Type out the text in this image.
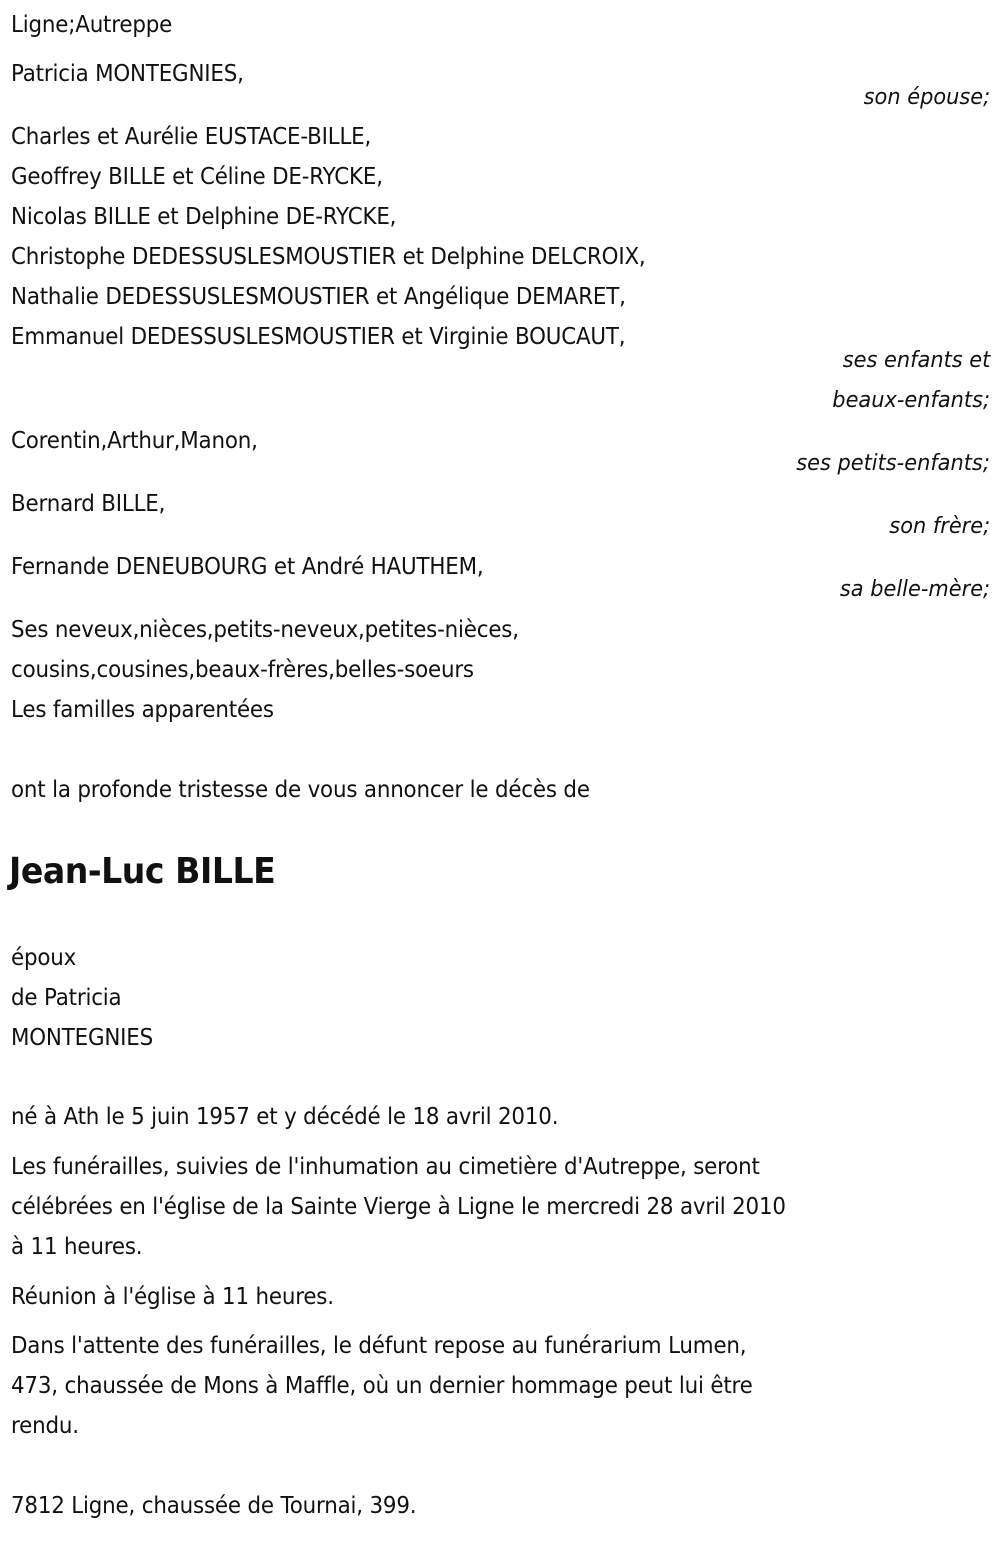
Ligne;Autreppe
Patricia MONTEGNIES,
son épouse;
Charles et Aurélie EUSTACE-BILLE,
Geoffrey BILLE et Céline DE-RYCKE,
Nicolas BILLE et Delphine DE-RYCKE,
Christophe DEDESSUSLESMOUSTIER et Delphine DELCROIX,
Nathalie DEDESSUSLESMOUSTIER et Angélique DEMARET,
Emmanuel DEDESSUSLESMOUSTIER et Virginie BOUCAUT,
ses enfants et
beaux-enfants;
Corentin,Arthur,Manon,
ses petits-enfants;
Bernard BILLE,
son frère;
Fernande DENEUBOURG et André HAUTHEM,
sa belle-mère;
Ses neveux,nièces,petits-neveux,petites-nièces,
cousins,cousines,beaux-frères,belles-soeurs
Les familles apparentées
ont la profonde tristesse de vous annoncer le décès de
Jean-Luc BILLE
époux
de Patricia
MONTEGNIES
né à Ath le 5 juin 1957 et y décédé le 18 avril 2010.
Les funérailles, suivies de l'inhumation au cimetière d'Autreppe, seront
célébrées en l'église de la Sainte Vierge à Ligne le mercredi 28 avril 2010
à 11 heures.
Réunion à l'église à 11 heures.
Dans l'attente des funérailles, le défunt repose au funérarium Lumen,
473, chaussée de Mons à Maffle, où un dernier hommage peut lui être
rendu.
7812 Ligne, chaussée de Tournai, 399.
